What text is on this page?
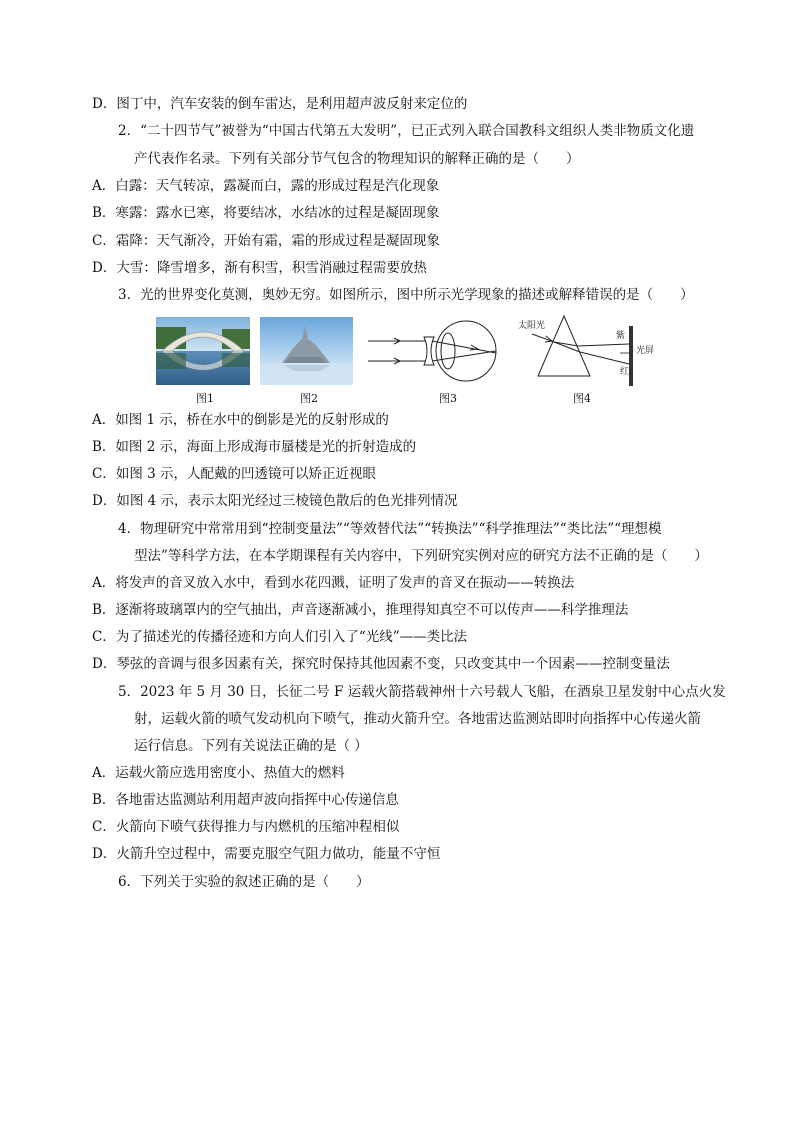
D．图丁中，汽车安装的倒车雷达，是利用超声波反射来定位的
2．“二十四节气”被誉为“中国古代第五大发明”，已正式列入联合国教科文组织人类非物质文化遗
产代表作名录。下列有关部分节气包含的物理知识的解释正确的是（　　）
A．白露：天气转凉，露凝而白，露的形成过程是汽化现象
B．寒露：露水已寒，将要结冰，水结冰的过程是凝固现象
C．霜降：天气渐冷，开始有霜，霜的形成过程是凝固现象
D．大雪：降雪增多，渐有积雪，积雪消融过程需要放热
3．光的世界变化莫测，奥妙无穷。如图所示，图中所示光学现象的描述或解释错误的是（　　）
图1	图2	图3
太阳光
紫
红
光屏
图4
A．如图 1 示，桥在水中的倒影是光的反射形成的
B．如图 2 示，海面上形成海市蜃楼是光的折射造成的
C．如图 3 示，人配戴的凹透镜可以矫正近视眼
D．如图 4 示，表示太阳光经过三棱镜色散后的色光排列情况
4．物理研究中常常用到“控制变量法”“等效替代法”“转换法”“科学推理法”“类比法”“理想模
型法”等科学方法，在本学期课程有关内容中，下列研究实例对应的研究方法不正确的是（　　）
A．将发声的音叉放入水中，看到水花四溅，证明了发声的音叉在振动——转换法
B．逐渐将玻璃罩内的空气抽出，声音逐渐减小，推理得知真空不可以传声——科学推理法
C．为了描述光的传播径迹和方向人们引入了“光线”——类比法
D．琴弦的音调与很多因素有关，探究时保持其他因素不变，只改变其中一个因素——控制变量法
5．2023 年 5 月 30 日，长征二号 F 运载火箭搭载神州十六号载人飞船，在酒泉卫星发射中心点火发
射，运载火箭的喷气发动机向下喷气，推动火箭升空。各地雷达监测站即时向指挥中心传递火箭
运行信息。下列有关说法正确的是（ ）
A．运载火箭应选用密度小、热值大的燃料
B．各地雷达监测站利用超声波向指挥中心传递信息
C．火箭向下喷气获得推力与内燃机的压缩冲程相似
D．火箭升空过程中，需要克服空气阻力做功，能量不守恒
6．下列关于实验的叙述正确的是（　　）
